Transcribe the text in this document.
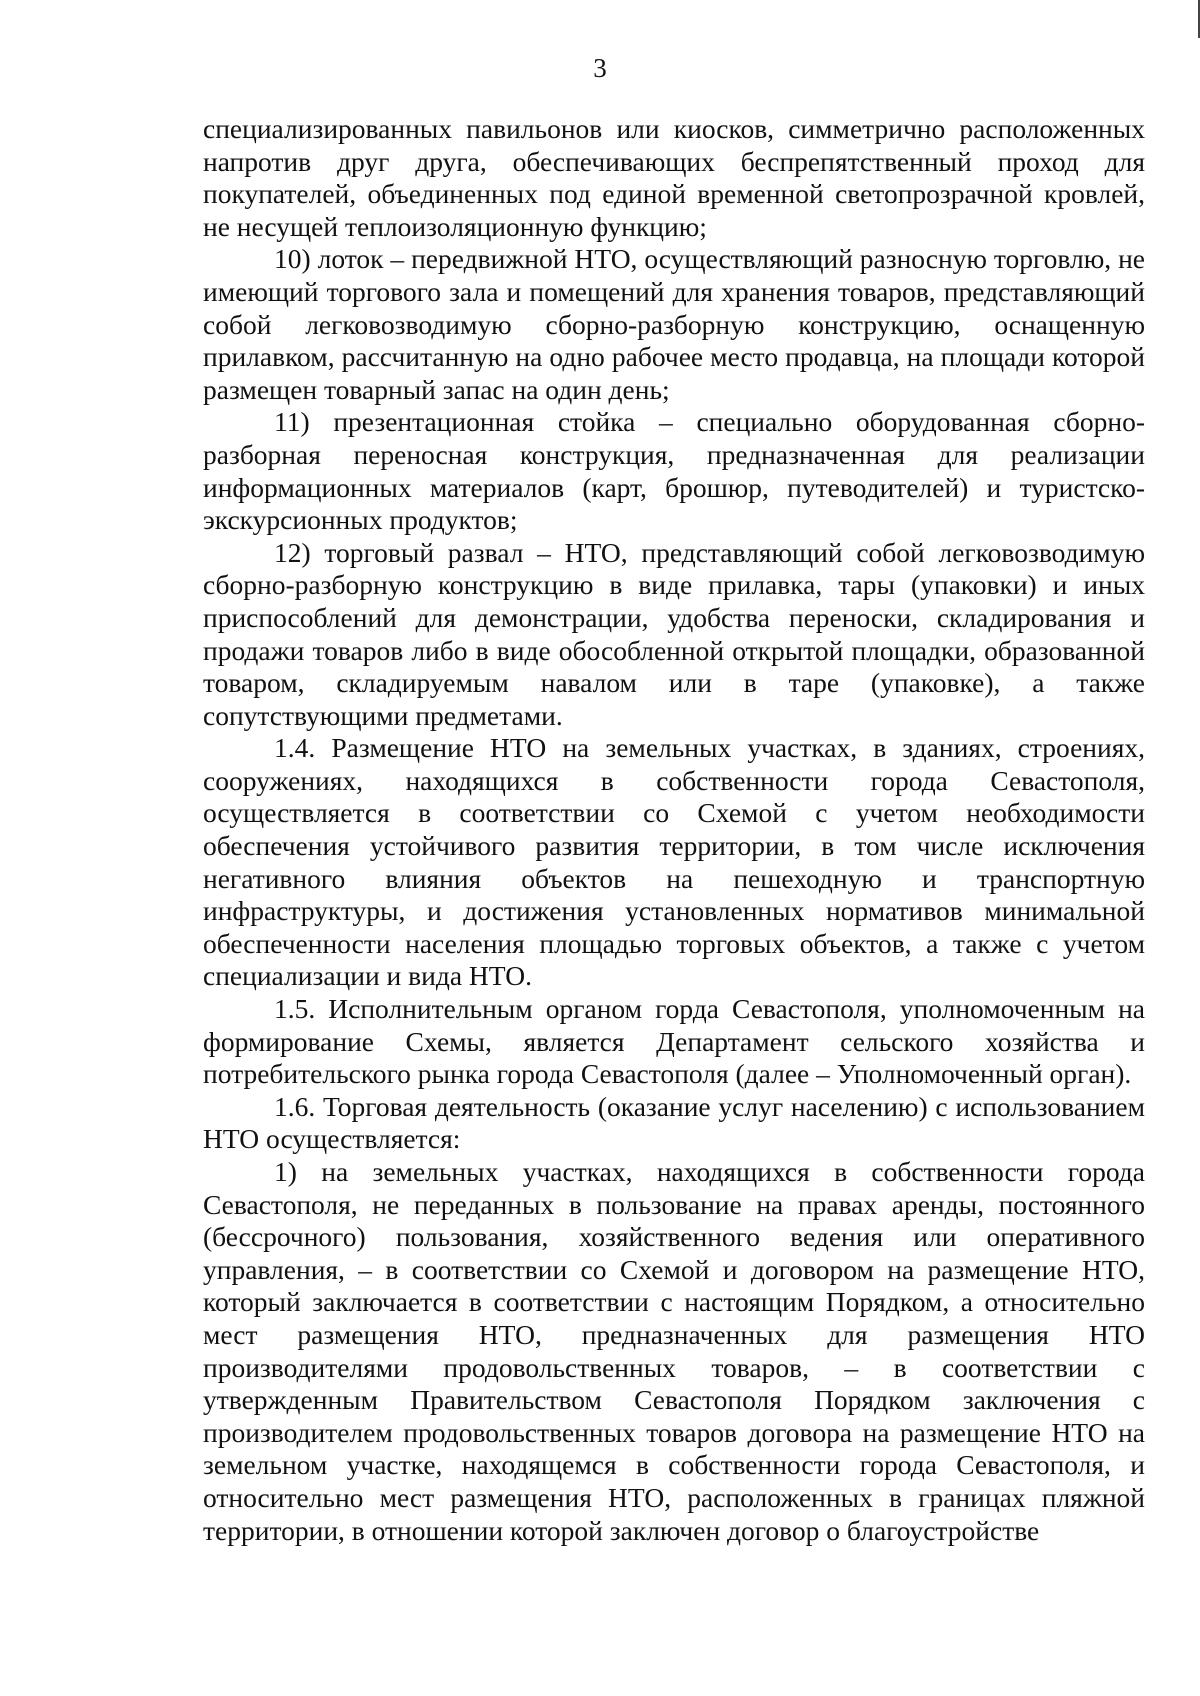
3

специализированных павильонов или киосков, симметрично расположенных напротив друг друга, обеспечивающих беспрепятственный проход для покупателей, объединенных под единой временной светопрозрачной кровлей, не несущей теплоизоляционную функцию;

10) лоток – передвижной НТО, осуществляющий разносную торговлю, не имеющий торгового зала и помещений для хранения товаров, представляющий собой легковозводимую сборно-разборную конструкцию, оснащенную прилавком, рассчитанную на одно рабочее место продавца, на площади которой размещен товарный запас на один день;

11) презентационная стойка – специально оборудованная сборно-разборная переносная конструкция, предназначенная для реализации информационных материалов (карт, брошюр, путеводителей) и туристско-экскурсионных продуктов;

12) торговый развал – НТО, представляющий собой легковозводимую сборно-разборную конструкцию в виде прилавка, тары (упаковки) и иных приспособлений для демонстрации, удобства переноски, складирования и продажи товаров либо в виде обособленной открытой площадки, образованной товаром, складируемым навалом или в таре (упаковке), а также сопутствующими предметами.

1.4. Размещение НТО на земельных участках, в зданиях, строениях, сооружениях, находящихся в собственности города Севастополя, осуществляется в соответствии со Схемой с учетом необходимости обеспечения устойчивого развития территории, в том числе исключения негативного влияния объектов на пешеходную и транспортную инфраструктуры, и достижения установленных нормативов минимальной обеспеченности населения площадью торговых объектов, а также с учетом специализации и вида НТО.

1.5. Исполнительным органом горда Севастополя, уполномоченным на формирование Схемы, является Департамент сельского хозяйства и потребительского рынка города Севастополя (далее – Уполномоченный орган).

1.6. Торговая деятельность (оказание услуг населению) с использованием НТО осуществляется:

1) на земельных участках, находящихся в собственности города Севастополя, не переданных в пользование на правах аренды, постоянного (бессрочного) пользования, хозяйственного ведения или оперативного управления, – в соответствии со Схемой и договором на размещение НТО, который заключается в соответствии с настоящим Порядком, а относительно мест размещения НТО, предназначенных для размещения НТО производителями продовольственных товаров, – в соответствии с утвержденным Правительством Севастополя Порядком заключения с производителем продовольственных товаров договора на размещение НТО на земельном участке, находящемся в собственности города Севастополя, и относительно мест размещения НТО, расположенных в границах пляжной территории, в отношении которой заключен договор о благоустройстве
